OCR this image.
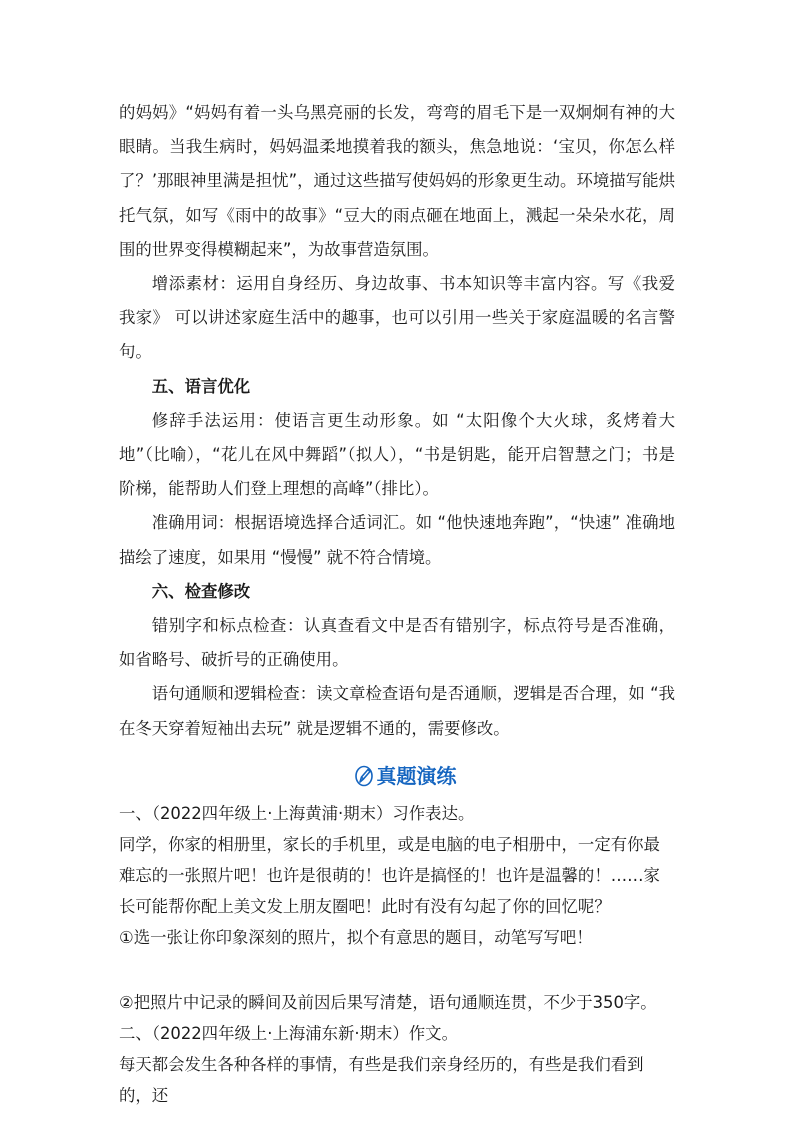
的妈妈》“妈妈有着一头乌黑亮丽的长发，弯弯的眉毛下是一双炯炯有神的大眼睛。当我生病时，妈妈温柔地摸着我的额头，焦急地说：‘宝贝，你怎么样了？’那眼神里满是担忧”，通过这些描写使妈妈的形象更生动。环境描写能烘托气氛，如写《雨中的故事》“豆大的雨点砸在地面上，溅起一朵朵水花，周围的世界变得模糊起来”，为故事营造氛围。

增添素材：运用自身经历、身边故事、书本知识等丰富内容。写《我爱我家》 可以讲述家庭生活中的趣事，也可以引用一些关于家庭温暖的名言警句。

五、语言优化

修辞手法运用：使语言更生动形象。如 “太阳像个大火球，炙烤着大地”（比喻），“花儿在风中舞蹈”（拟人），“书是钥匙，能开启智慧之门；书是阶梯，能帮助人们登上理想的高峰”（排比）。

准确用词：根据语境选择合适词汇。如 “他快速地奔跑”，“快速” 准确地描绘了速度，如果用 “慢慢” 就不符合情境。

六、检查修改

错别字和标点检查：认真查看文中是否有错别字，标点符号是否准确，如省略号、破折号的正确使用。

语句通顺和逻辑检查：读文章检查语句是否通顺，逻辑是否合理，如 “我在冬天穿着短袖出去玩” 就是逻辑不通的，需要修改。

真题演练

一、（2022四年级上·上海黄浦·期末）习作表达。

同学，你家的相册里，家长的手机里，或是电脑的电子相册中，一定有你最难忘的一张照片吧！也许是很萌的！也许是搞怪的！也许是温馨的！……家长可能帮你配上美文发上朋友圈吧！此时有没有勾起了你的回忆呢？

①选一张让你印象深刻的照片，拟个有意思的题目，动笔写写吧！

②把照片中记录的瞬间及前因后果写清楚，语句通顺连贯，不少于350字。

二、（2022四年级上·上海浦东新·期末）作文。

每天都会发生各种各样的事情，有些是我们亲身经历的，有些是我们看到的，还
